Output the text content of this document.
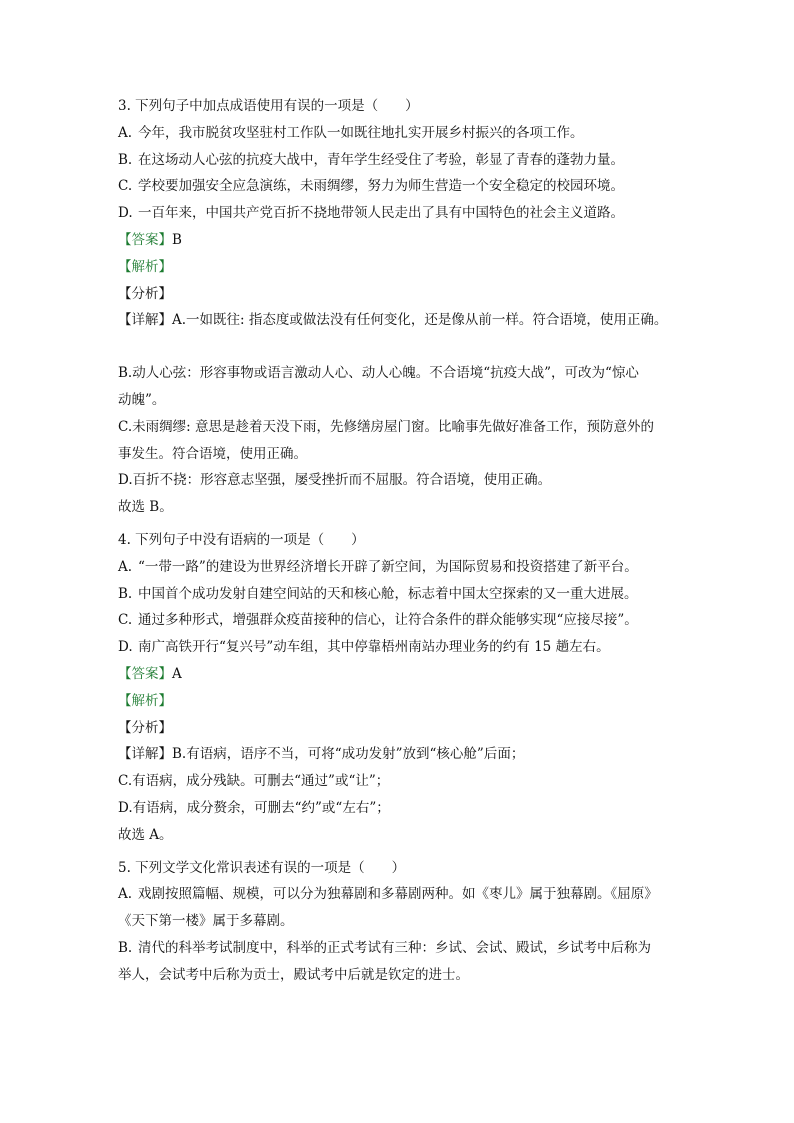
3. 下列句子中加点成语使用有误的一项是（　　）
A. 今年，我市脱贫攻坚驻村工作队一如既往地扎实开展乡村振兴的各项工作。
B. 在这场动人心弦的抗疫大战中，青年学生经受住了考验，彰显了青春的蓬勃力量。
C. 学校要加强安全应急演练，未雨绸缪，努力为师生营造一个安全稳定的校园环境。
D. 一百年来，中国共产党百折不挠地带领人民走出了具有中国特色的社会主义道路。
【答案】B
【解析】
【分析】
【详解】A.一如既往: 指态度或做法没有任何变化，还是像从前一样。符合语境，使用正确。
B.动人心弦：形容事物或语言激动人心、动人心魄。不合语境“抗疫大战”，可改为“惊心
动魄”。
C.未雨绸缪: 意思是趁着天没下雨，先修缮房屋门窗。比喻事先做好准备工作，预防意外的
事发生。符合语境，使用正确。
D.百折不挠：形容意志坚强，屡受挫折而不屈服。符合语境，使用正确。
故选 B。
4. 下列句子中没有语病的一项是（　　）
A. “一带一路”的建设为世界经济增长开辟了新空间，为国际贸易和投资搭建了新平台。
B. 中国首个成功发射自建空间站的天和核心舱，标志着中国太空探索的又一重大进展。
C. 通过多种形式，增强群众疫苗接种的信心，让符合条件的群众能够实现“应接尽接”。
D. 南广高铁开行“复兴号”动车组，其中停靠梧州南站办理业务的约有 15 趟左右。
【答案】A
【解析】
【分析】
【详解】B.有语病，语序不当，可将“成功发射”放到“核心舱”后面；
C.有语病，成分残缺。可删去“通过”或“让”；
D.有语病，成分赘余，可删去“约”或“左右”；
故选 A。
5. 下列文学文化常识表述有误的一项是（　　）
A. 戏剧按照篇幅、规模，可以分为独幕剧和多幕剧两种。如《枣儿》属于独幕剧。《屈原》
《天下第一楼》属于多幕剧。
B. 清代的科举考试制度中，科举的正式考试有三种：乡试、会试、殿试，乡试考中后称为
举人，会试考中后称为贡士，殿试考中后就是钦定的进士。
